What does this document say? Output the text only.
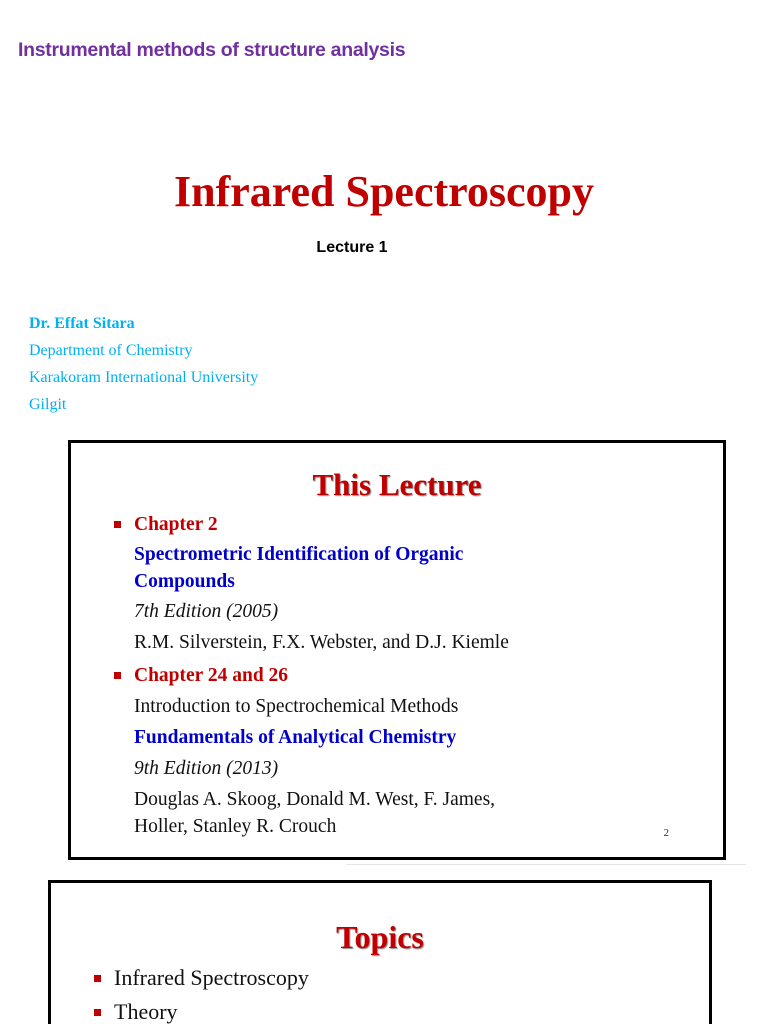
Instrumental methods of structure analysis
Infrared Spectroscopy
Lecture 1
Dr. Effat Sitara
Department of Chemistry
Karakoram International University
Gilgit
This Lecture
Chapter 2
Spectrometric Identification of Organic
Compounds
7th Edition (2005)
R.M. Silverstein, F.X. Webster, and D.J. Kiemle
Chapter 24 and 26
Introduction to Spectrochemical Methods
Fundamentals of Analytical Chemistry
9th Edition (2013)
Douglas A. Skoog, Donald M. West, F. James,
Holler, Stanley R. Crouch	2
Topics
Infrared Spectroscopy
Theory
